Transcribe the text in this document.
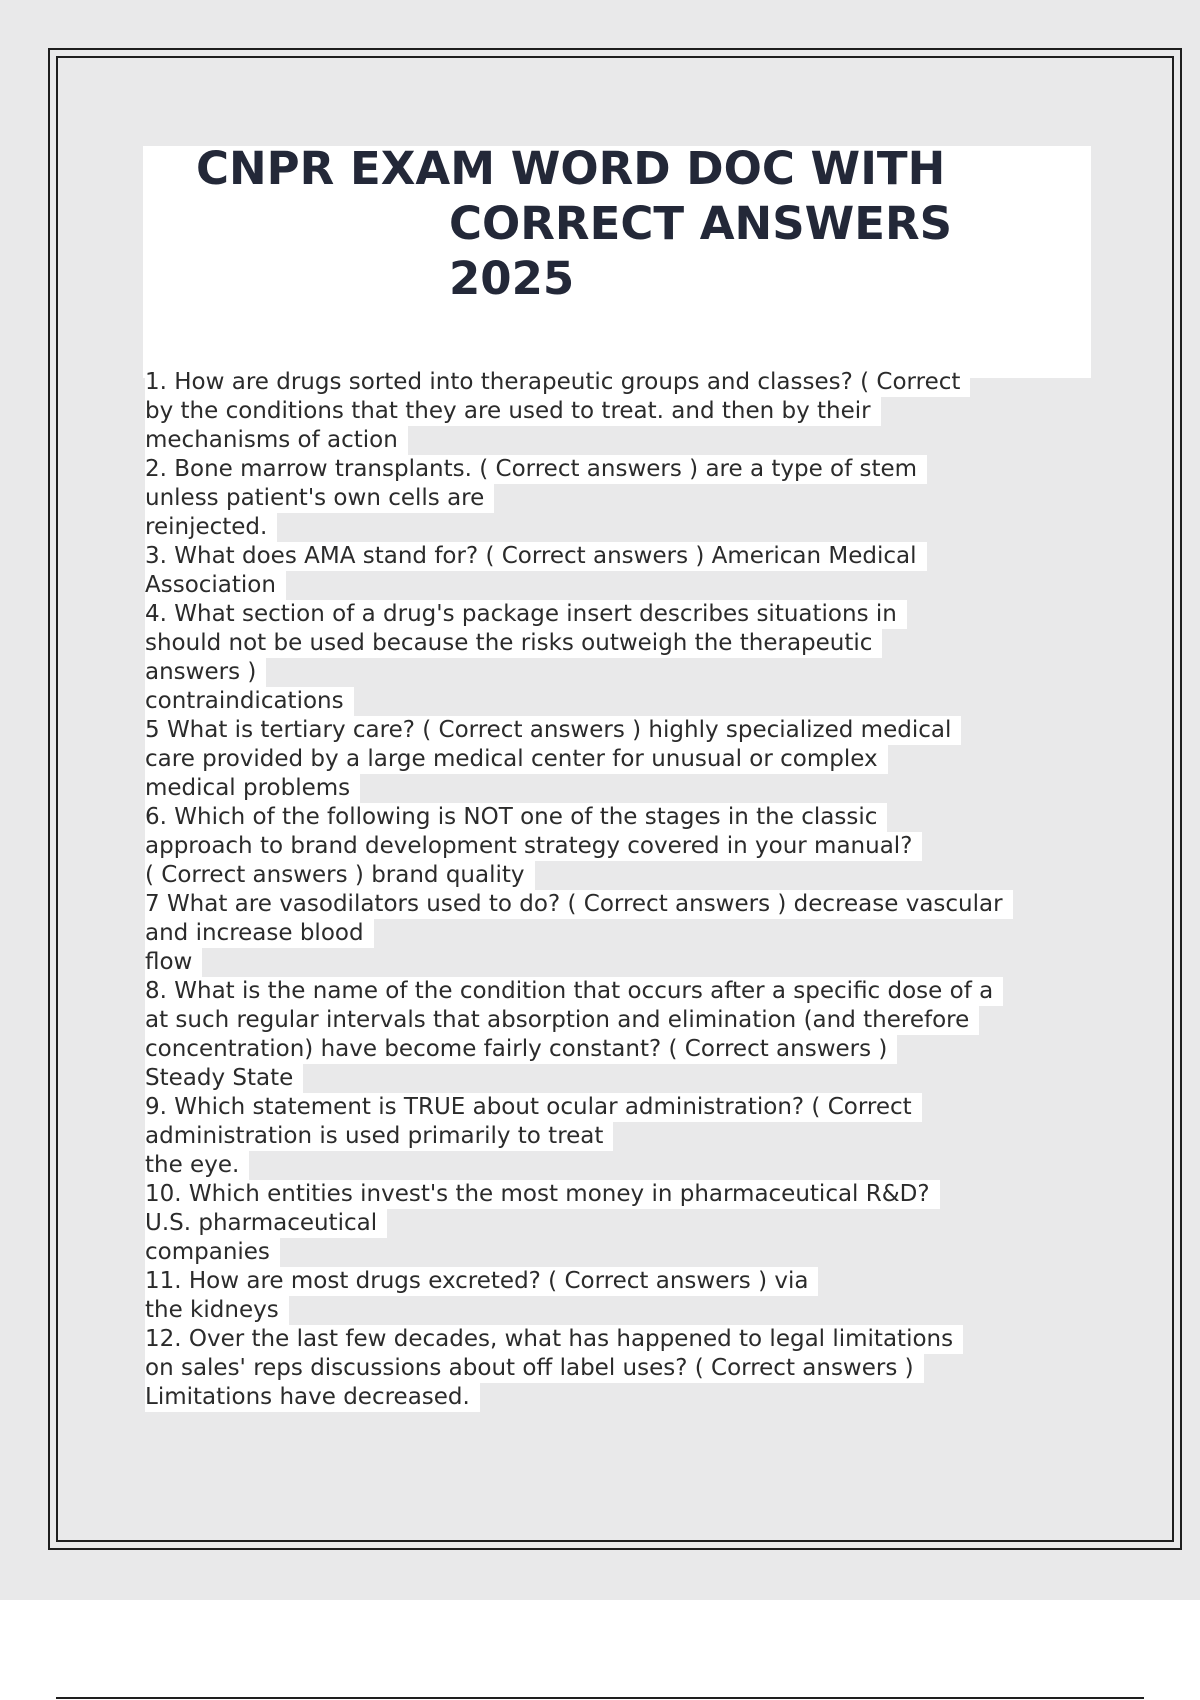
CNPR EXAM WORD DOC WITH
CORRECT ANSWERS
2025
1. How are drugs sorted into therapeutic groups and classes? ( Correct
by the conditions that they are used to treat. and then by their
mechanisms of action
2. Bone marrow transplants. ( Correct answers ) are a type of stem
unless patient's own cells are
reinjected.
3. What does AMA stand for? ( Correct answers ) American Medical
Association
4. What section of a drug's package insert describes situations in
should not be used because the risks outweigh the therapeutic
answers )
contraindications
5 What is tertiary care? ( Correct answers ) highly specialized medical
care provided by a large medical center for unusual or complex
medical problems
6. Which of the following is NOT one of the stages in the classic
approach to brand development strategy covered in your manual?
( Correct answers ) brand quality
7 What are vasodilators used to do? ( Correct answers ) decrease vascular
and increase blood
flow
8. What is the name of the condition that occurs after a specific dose of a
at such regular intervals that absorption and elimination (and therefore
concentration) have become fairly constant? ( Correct answers )
Steady State
9. Which statement is TRUE about ocular administration? ( Correct
administration is used primarily to treat
the eye.
10. Which entities invest's the most money in pharmaceutical R&D?
U.S. pharmaceutical
companies
11. How are most drugs excreted? ( Correct answers ) via
the kidneys
12. Over the last few decades, what has happened to legal limitations
on sales' reps discussions about off label uses? ( Correct answers )
Limitations have decreased.
